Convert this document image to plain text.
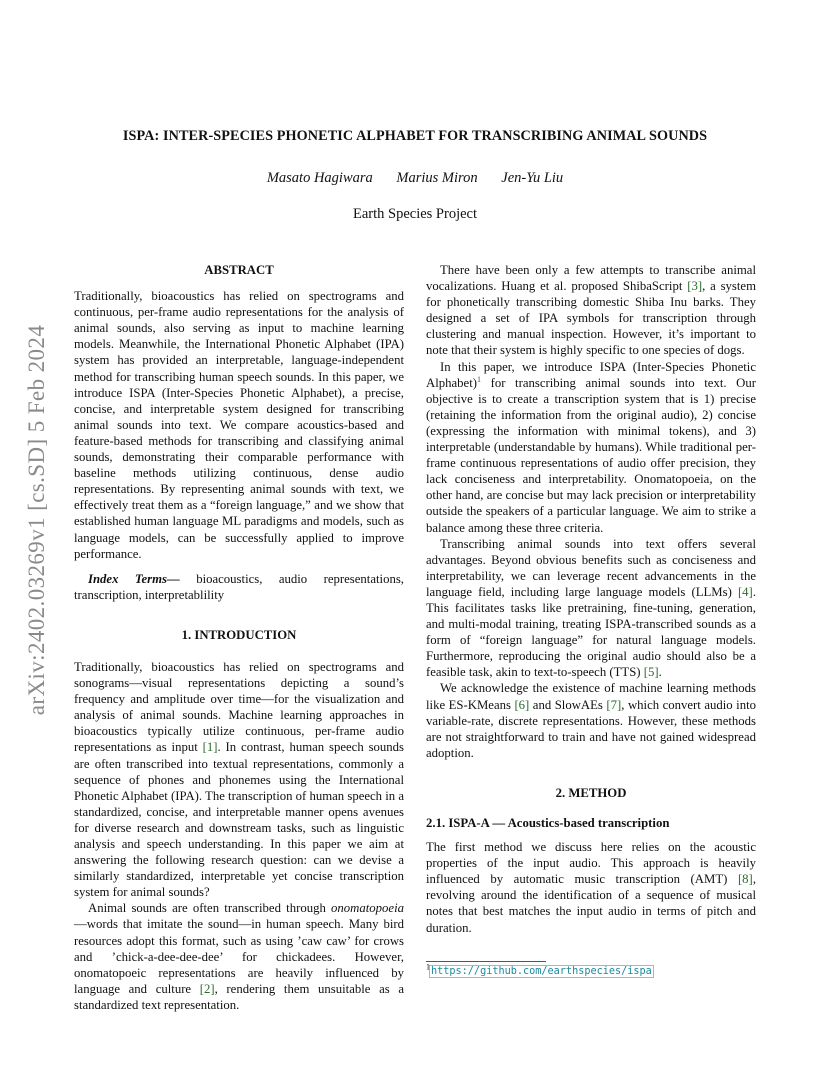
arXiv:2402.03269v1 [cs.SD] 5 Feb 2024
ISPA: INTER-SPECIES PHONETIC ALPHABET FOR TRANSCRIBING ANIMAL SOUNDS
Masato Hagiwara Marius Miron Jen-Yu Liu
Earth Species Project

ABSTRACT

Traditionally, bioacoustics has relied on spectrograms and continuous, per-frame audio representations for the analysis of animal sounds, also serving as input to machine learning models. Meanwhile, the International Phonetic Alphabet (IPA) system has provided an interpretable, language-independent method for transcribing human speech sounds. In this paper, we introduce ISPA (Inter-Species Phonetic Alphabet), a precise, concise, and interpretable system designed for transcribing animal sounds into text. We compare acoustics-based and feature-based methods for transcribing and classifying animal sounds, demonstrating their comparable performance with baseline methods utilizing continuous, dense audio representations. By representing animal sounds with text, we effectively treat them as a “foreign language,” and we show that established human language ML paradigms and models, such as language models, can be successfully applied to improve performance.

Index Terms— bioacoustics, audio representations, transcription, interpretablility

1. INTRODUCTION

Traditionally, bioacoustics has relied on spectrograms and sonograms—visual representations depicting a sound’s frequency and amplitude over time—for the visualization and analysis of animal sounds. Machine learning approaches in bioacoustics typically utilize continuous, per-frame audio representations as input [1]. In contrast, human speech sounds are often transcribed into textual representations, commonly a sequence of phones and phonemes using the International Phonetic Alphabet (IPA). The transcription of human speech in a standardized, concise, and interpretable manner opens avenues for diverse research and downstream tasks, such as linguistic analysis and speech understanding. In this paper we aim at answering the following research question: can we devise a similarly standardized, interpretable yet concise transcription system for animal sounds?

Animal sounds are often transcribed through onomatopoeia —words that imitate the sound—in human speech. Many bird resources adopt this format, such as using ’caw caw’ for crows and ’chick-a-dee-dee-dee’ for chickadees. However, onomatopoeic representations are heavily influenced by language and culture [2], rendering them unsuitable as a standardized text representation.

There have been only a few attempts to transcribe animal vocalizations. Huang et al. proposed ShibaScript [3], a system for phonetically transcribing domestic Shiba Inu barks. They designed a set of IPA symbols for transcription through clustering and manual inspection. However, it’s important to note that their system is highly specific to one species of dogs.

In this paper, we introduce ISPA (Inter-Species Phonetic Alphabet)$^1$ for transcribing animal sounds into text. Our objective is to create a transcription system that is 1) precise (retaining the information from the original audio), 2) concise (expressing the information with minimal tokens), and 3) interpretable (understandable by humans). While traditional per-frame continuous representations of audio offer precision, they lack conciseness and interpretability. Onomatopoeia, on the other hand, are concise but may lack precision or interpretability outside the speakers of a particular language. We aim to strike a balance among these three criteria.

Transcribing animal sounds into text offers several advantages. Beyond obvious benefits such as conciseness and interpretability, we can leverage recent advancements in the language field, including large language models (LLMs) [4]. This facilitates tasks like pretraining, fine-tuning, generation, and multi-modal training, treating ISPA-transcribed sounds as a form of “foreign language” for natural language models. Furthermore, reproducing the original audio should also be a feasible task, akin to text-to-speech (TTS) [5].

We acknowledge the existence of machine learning methods like ES-KMeans [6] and SlowAEs [7], which convert audio into variable-rate, discrete representations. However, these methods are not straightforward to train and have not gained widespread adoption.

2. METHOD

2.1. ISPA-A — Acoustics-based transcription

The first method we discuss here relies on the acoustic properties of the input audio. This approach is heavily influenced by automatic music transcription (AMT) [8], revolving around the identification of a sequence of musical notes that best matches the input audio in terms of pitch and duration.

$^1$https://github.com/earthspecies/ispa
